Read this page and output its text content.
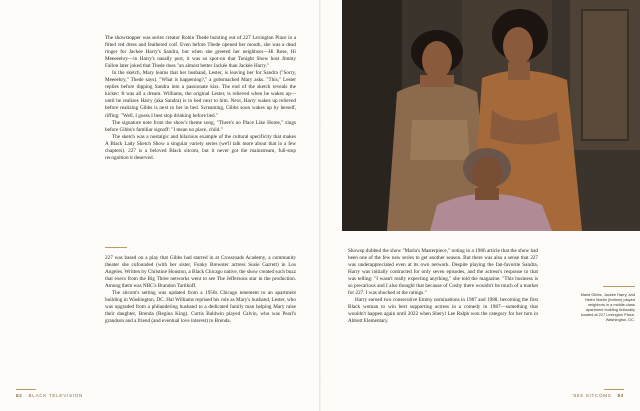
The showstopper was series creator Robin Thede bursting out of 227 Lexington Place in a fitted red dress and feathered coif. Even before Thede opened her mouth, she was a dead ringer for Jackée Harry's Sandra, but when she greeted her neighbors—Hi Rose, Hi Meeeeehry—in Harry's nasally purr, it was so spot-on that Tonight Show host Jimmy Fallon later joked that Thede does "an almost better Jackée than Jackée Harry."

In the sketch, Mary learns that her husband, Lester, is leaving her for Sandra ("Sorry, Meeeehry," Thede says). "What is happening?," a gobsmacked Mary asks. "This," Lester replies before dipping Sandra into a passionate kiss. The end of the sketch reveals the kicker: It was all a dream. Williams, the original Lester, is relieved when he wakes up—until he realizes Harry (aka Sandra) is in bed next to him. Next, Harry wakes up relieved before realizing Gibbs is next to her in bed. Screaming, Gibbs soon wakes up by herself, riffing: "Well, I guess I best stop drinking before bed."

The signature note from the show's theme song, "There's no Place Like Home," zings before Gibbs's familiar signoff: "I mean no place, child."

The sketch was a nostalgic and hilarious example of the cultural specificity that makes A Black Lady Sketch Show a singular variety series (we'll talk more about that in a few chapters). 227 is a beloved Black sitcom, but it never got the mainstream, full-stop recognition it deserved.

227 was based on a play that Gibbs had starred in at Crossroads Academy, a community theater she cofounded (with her sister, Funky Brewster actress Susie Garrett) in Los Angeles. Written by Christine Houston, a Black Chicago native, the show created such buzz that execs from the Big Three networks went to see The Jeffersons star in the production. Among them was NBC's Brandon Tartikoff.

The sitcom's setting was updated from a 1950s Chicago tenement to an apartment building in Washington, DC. Hal Williams reprised his role as Mary's husband, Lester, who was upgraded from a philandering husband to a dedicated family man helping Mary raise their daughter, Brenda (Regina King). Curtis Baldwin played Calvin, who was Pearl's grandson and a friend (and eventual love interest) to Brenda.

82 BLACK TELEVISION

Showsp dubbed the show "Marla's Masterpiece," noting in a 1986 article that the show had been one of the few new series to get another season. But there was also a sense that 227 was underappreciated even at its own network. Despite playing the fan-favorite Sandra, Harry was initially contracted for only seven episodes, and the actress's response to that was telling: "I wasn't really expecting anything," she told the magazine. "This business is so precarious and I also thought that because of Cosby there wouldn't be much of a market for 227. I was shocked at the ratings."

Harry earned two consecutive Emmy nominations in 1987 and 1988, becoming the first Black woman to win best supporting actress in a comedy in 1987—something that wouldn't happen again until 2022 when Sheryl Lee Ralph won the category for her turn in Abbott Elementary.

Marla Gibbs, Jackée Harry, and Helen Martin (bottom) played neighbors in a middle-class apartment building fictionally located at 227 Lexington Place, Washington, DC.
'80S SITCOMS 83
